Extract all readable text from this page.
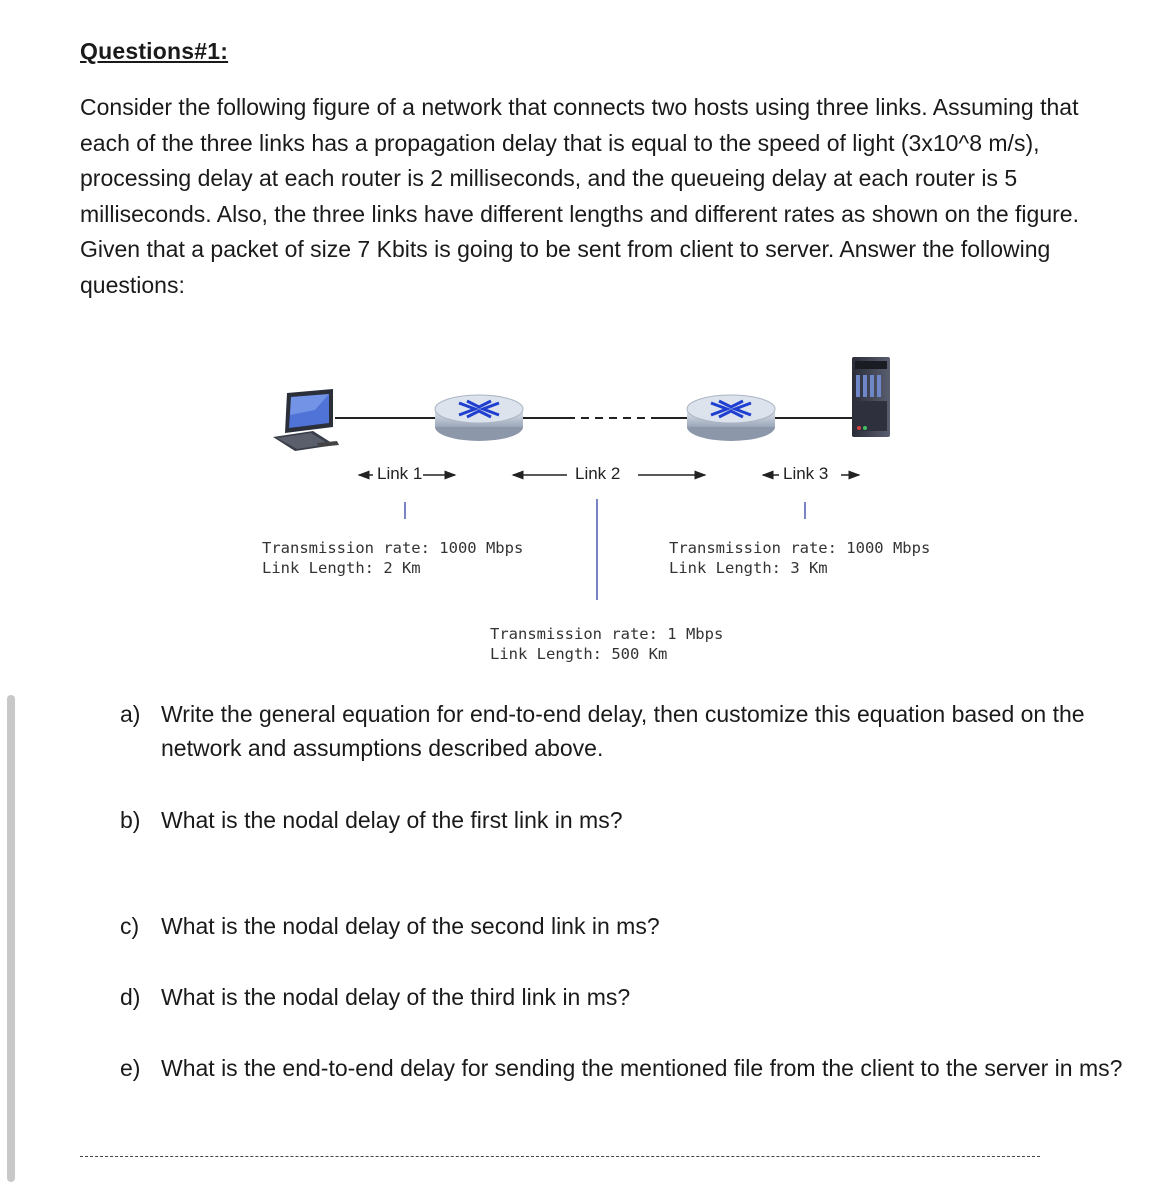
Questions#1:
Consider the following figure of a network that connects two hosts using three links. Assuming that each of the three links has a propagation delay that is equal to the speed of light (3x10^8 m/s), processing delay at each router is 2 milliseconds, and the queueing delay at each router is 5 milliseconds. Also, the three links have different lengths and different rates as shown on the figure. Given that a packet of size 7 Kbits is going to be sent from client to server. Answer the following questions:
Link 1	Link 2	Link 3
Transmission rate: 1000 Mbps
Link Length: 2 Km
Transmission rate: 1000 Mbps
Link Length: 3 Km
Transmission rate: 1 Mbps
Link Length: 500 Km
a) Write the general equation for end-to-end delay, then customize this equation based on the network and assumptions described above.
b) What is the nodal delay of the first link in ms?
c) What is the nodal delay of the second link in ms?
d) What is the nodal delay of the third link in ms?
e) What is the end-to-end delay for sending the mentioned file from the client to the server in ms?
